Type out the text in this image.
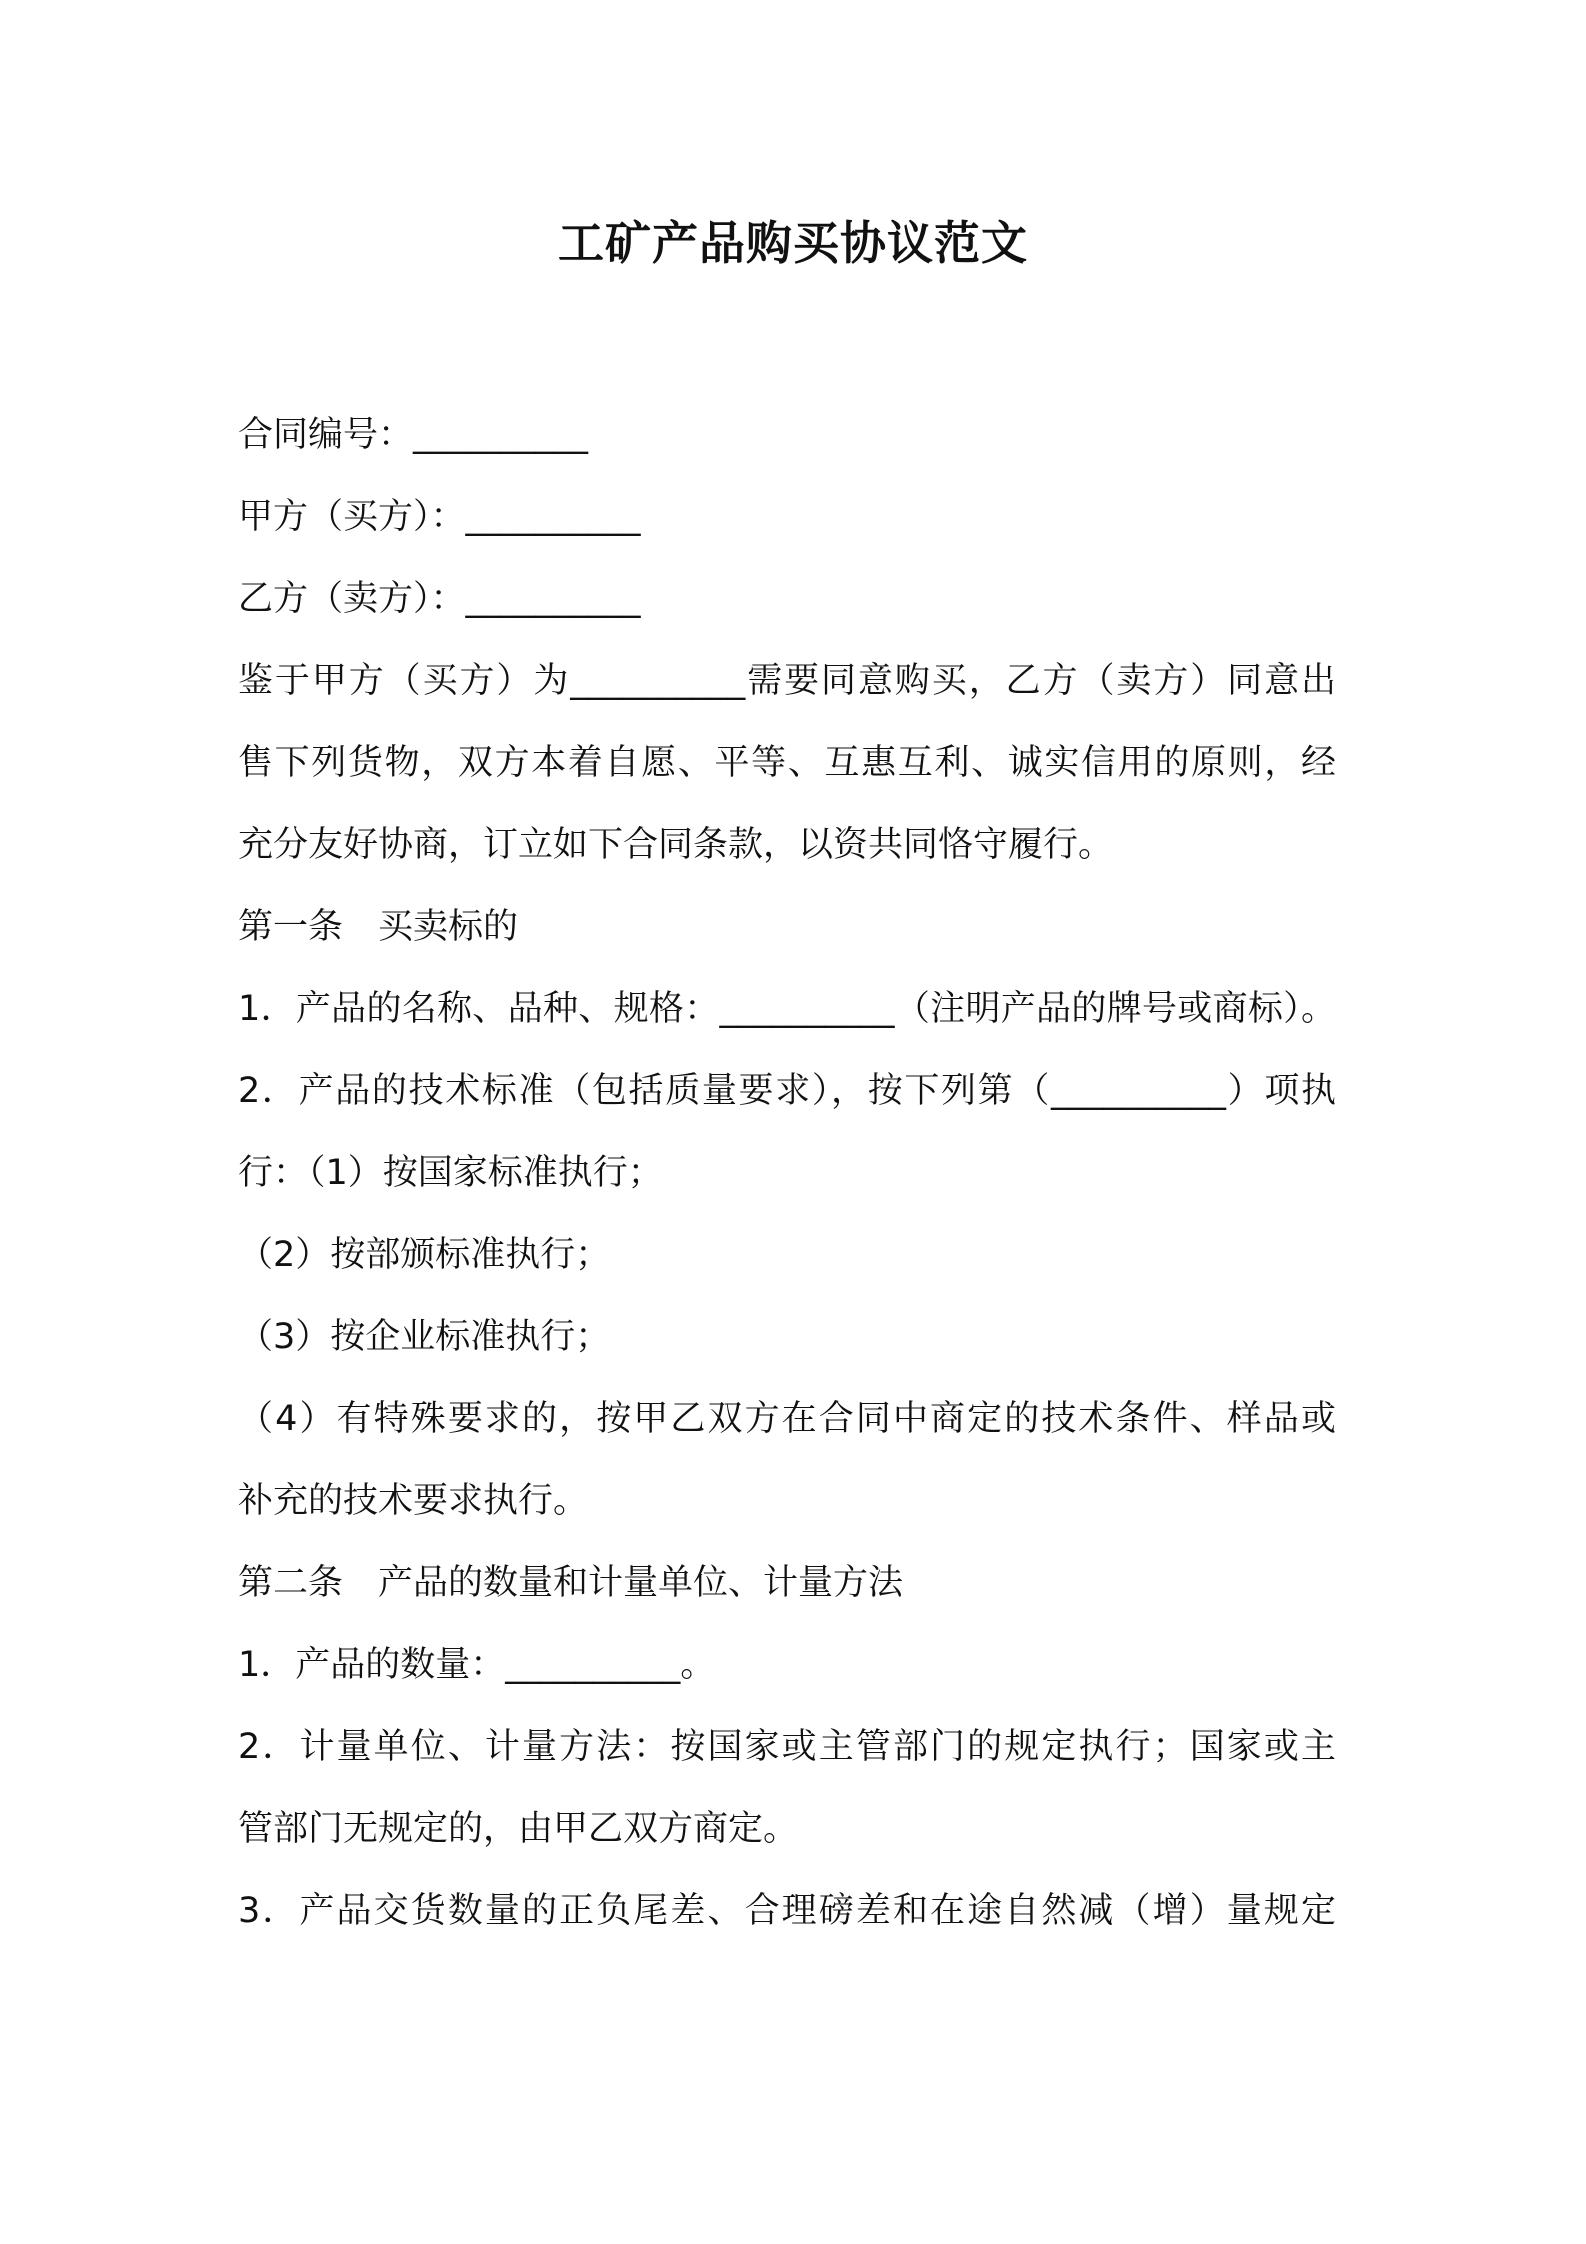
工矿产品购买协议范文

合同编号：__________

甲方（买方）：__________

乙方（卖方）：__________

鉴于甲方（买方）为__________需要同意购买，乙方（卖方）同意出

售下列货物，双方本着自愿、平等、互惠互利、诚实信用的原则，经

充分友好协商，订立如下合同条款，以资共同恪守履行。

第一条　买卖标的

1．产品的名称、品种、规格：__________（注明产品的牌号或商标）。

2．产品的技术标准（包括质量要求），按下列第（__________）项执

行：（1）按国家标准执行；

（2）按部颁标准执行；

（3）按企业标准执行；

（4）有特殊要求的，按甲乙双方在合同中商定的技术条件、样品或

补充的技术要求执行。

第二条　产品的数量和计量单位、计量方法

1．产品的数量：__________。

2．计量单位、计量方法：按国家或主管部门的规定执行；国家或主

管部门无规定的，由甲乙双方商定。

3．产品交货数量的正负尾差、合理磅差和在途自然减（增）量规定
